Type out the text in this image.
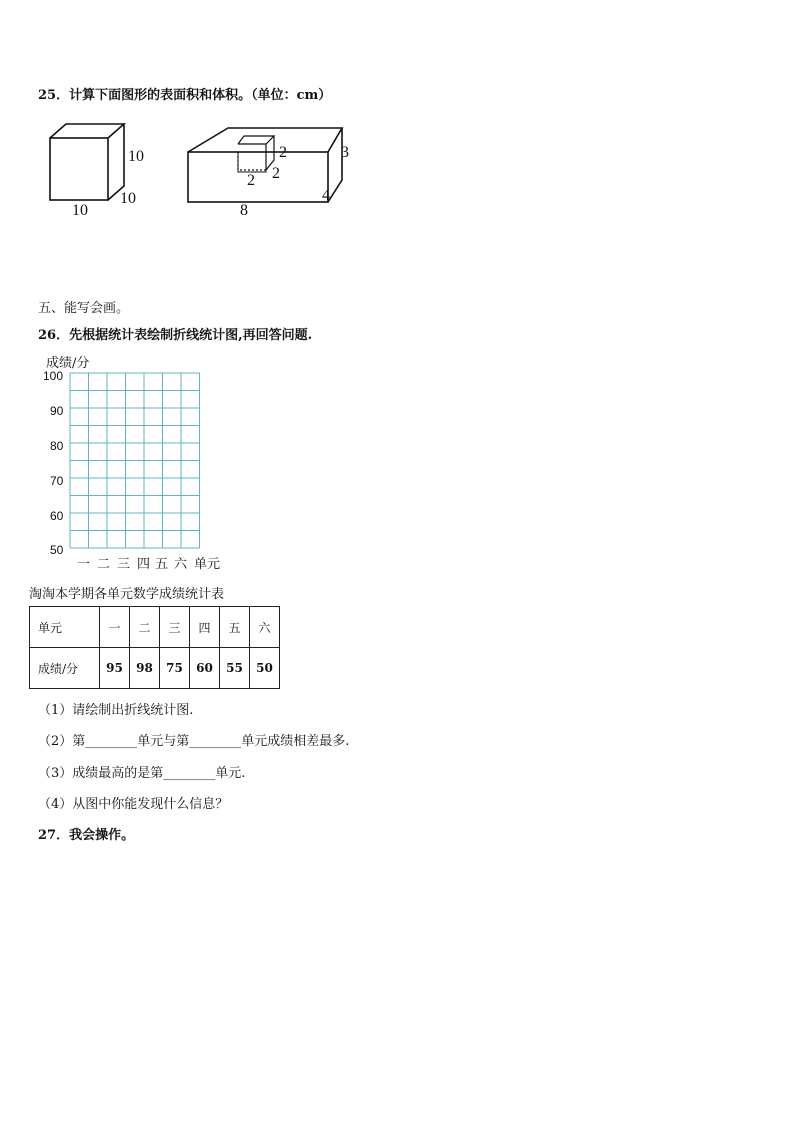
25．计算下面图形的表面积和体积。（单位：cm）
10
10
10
2
2
2
3
4
8
五、能写会画。
26．先根据统计表绘制折线统计图,再回答问题.
成绩/分
100
90
80
70
60
50
一 二 三 四 五 六 单元
淘淘本学期各单元数学成绩统计表
单元	一	二	三	四	五	六
成绩/分	95	98	75	60	55	50
（1）请绘制出折线统计图.
（2）第________单元与第________单元成绩相差最多.
（3）成绩最高的是第________单元.
（4）从图中你能发现什么信息？
27．我会操作。
